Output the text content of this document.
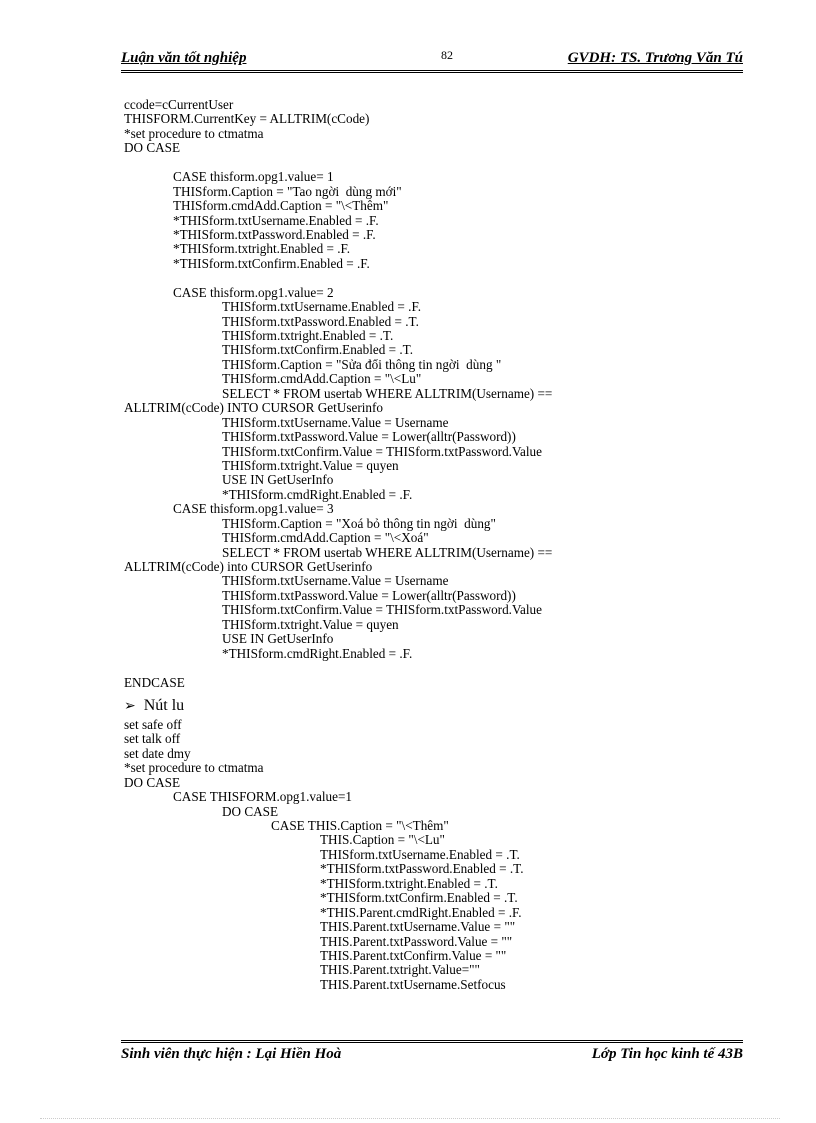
Luận văn tốt nghiệp	82	GVDH: TS. Trương Văn Tú
ccode=cCurrentUser
THISFORM.CurrentKey = ALLTRIM(cCode)
*set procedure to ctmatma
DO CASE
CASE thisform.opg1.value= 1
THISform.Caption = "Tao ngời  dùng mới"
THISform.cmdAdd.Caption = "\<Thêm"
*THISform.txtUsername.Enabled = .F.
*THISform.txtPassword.Enabled = .F.
*THISform.txtright.Enabled = .F.
*THISform.txtConfirm.Enabled = .F.
CASE thisform.opg1.value= 2
THISform.txtUsername.Enabled = .F.
THISform.txtPassword.Enabled = .T.
THISform.txtright.Enabled = .T.
THISform.txtConfirm.Enabled = .T.
THISform.Caption = "Sửa đổi thông tin ngời  dùng "
THISform.cmdAdd.Caption = "\<Lu"
SELECT * FROM usertab WHERE ALLTRIM(Username) ==
ALLTRIM(cCode) INTO CURSOR GetUserinfo
THISform.txtUsername.Value = Username
THISform.txtPassword.Value = Lower(alltr(Password))
THISform.txtConfirm.Value = THISform.txtPassword.Value
THISform.txtright.Value = quyen
USE IN GetUserInfo
*THISform.cmdRight.Enabled = .F.
CASE thisform.opg1.value= 3
THISform.Caption = "Xoá bỏ thông tin ngời  dùng"
THISform.cmdAdd.Caption = "\<Xoá"
SELECT * FROM usertab WHERE ALLTRIM(Username) ==
ALLTRIM(cCode) into CURSOR GetUserinfo
THISform.txtUsername.Value = Username
THISform.txtPassword.Value = Lower(alltr(Password))
THISform.txtConfirm.Value = THISform.txtPassword.Value
THISform.txtright.Value = quyen
USE IN GetUserInfo
*THISform.cmdRight.Enabled = .F.
ENDCASE
➢ Nút lu
set safe off
set talk off
set date dmy
*set procedure to ctmatma
DO CASE
CASE THISFORM.opg1.value=1
DO CASE
CASE THIS.Caption = "\<Thêm"
THIS.Caption = "\<Lu"
THISform.txtUsername.Enabled = .T.
*THISform.txtPassword.Enabled = .T.
*THISform.txtright.Enabled = .T.
*THISform.txtConfirm.Enabled = .T.
*THIS.Parent.cmdRight.Enabled = .F.
THIS.Parent.txtUsername.Value = ""
THIS.Parent.txtPassword.Value = ""
THIS.Parent.txtConfirm.Value = ""
THIS.Parent.txtright.Value=""
THIS.Parent.txtUsername.Setfocus
Sinh viên thực hiện : Lại Hiền Hoà	Lớp Tin học kinh tế 43B
